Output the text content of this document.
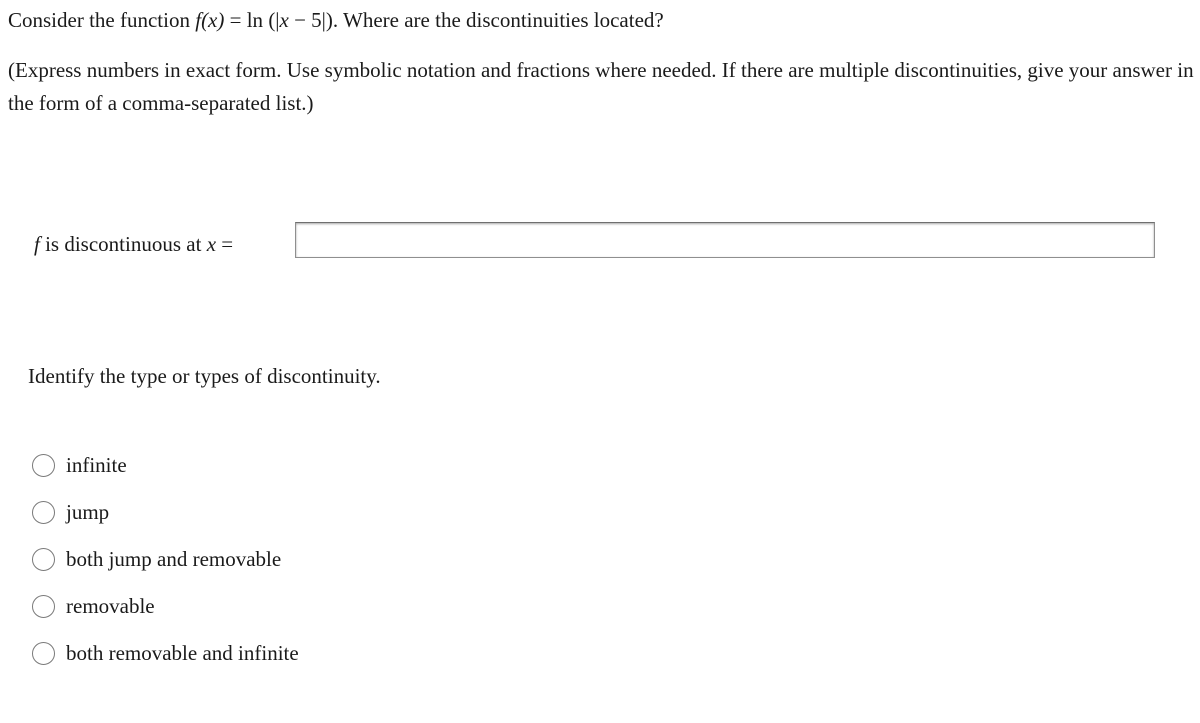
Consider the function f(x) = ln (|x − 5|). Where are the discontinuities located?
(Express numbers in exact form. Use symbolic notation and fractions where needed. If there are multiple discontinuities, give your answer in the form of a comma-separated list.)
f is discontinuous at x =
Identify the type or types of discontinuity.
infinite
jump
both jump and removable
removable
both removable and infinite
